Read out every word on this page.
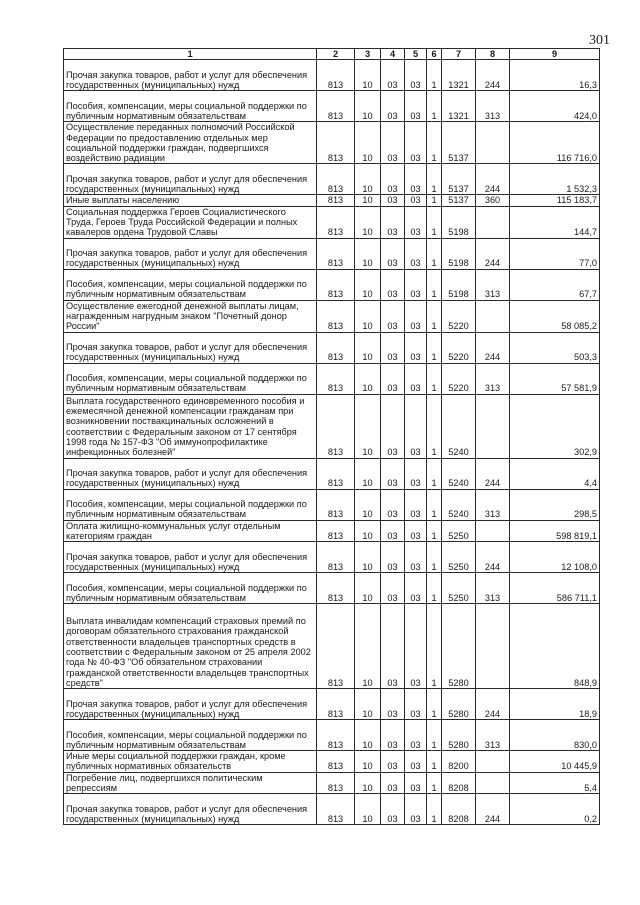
301
1	2	3	4	5	6	7	8	9
Прочая закупка товаров, работ и услуг для обеспечения государственных (муниципальных) нужд	813	10	03	03	1	1321	244	16,3
Пособия, компенсации, меры социальной поддержки по публичным нормативным обязательствам	813	10	03	03	1	1321	313	424,0
Осуществление переданных полномочий Российской Федерации по предоставлению отдельных мер социальной поддержки граждан, подвергшихся воздействию радиации	813	10	03	03	1	5137		116 716,0
Прочая закупка товаров, работ и услуг для обеспечения государственных (муниципальных) нужд	813	10	03	03	1	5137	244	1 532,3
Иные выплаты населению	813	10	03	03	1	5137	360	115 183,7
Социальная поддержка Героев Социалистического Труда, Героев Труда Российской Федерации и полных кавалеров ордена Трудовой Славы	813	10	03	03	1	5198		144,7
Прочая закупка товаров, работ и услуг для обеспечения государственных (муниципальных) нужд	813	10	03	03	1	5198	244	77,0
Пособия, компенсации, меры социальной поддержки по публичным нормативным обязательствам	813	10	03	03	1	5198	313	67,7
Осуществление ежегодной денежной выплаты лицам, награжденным нагрудным знаком "Почетный донор России"	813	10	03	03	1	5220		58 085,2
Прочая закупка товаров, работ и услуг для обеспечения государственных (муниципальных) нужд	813	10	03	03	1	5220	244	503,3
Пособия, компенсации, меры социальной поддержки по публичным нормативным обязательствам	813	10	03	03	1	5220	313	57 581,9
Выплата государственного единовременного пособия и ежемесячной денежной компенсации гражданам при возникновении поствакцинальных осложнений в соответствии с Федеральным законом от 17 сентября 1998 года № 157-ФЗ "Об иммунопрофилактике инфекционных болезней"	813	10	03	03	1	5240		302,9
Прочая закупка товаров, работ и услуг для обеспечения государственных (муниципальных) нужд	813	10	03	03	1	5240	244	4,4
Пособия, компенсации, меры социальной поддержки по публичным нормативным обязательствам	813	10	03	03	1	5240	313	298,5
Оплата жилищно-коммунальных услуг отдельным категориям граждан	813	10	03	03	1	5250		598 819,1
Прочая закупка товаров, работ и услуг для обеспечения государственных (муниципальных) нужд	813	10	03	03	1	5250	244	12 108,0
Пособия, компенсации, меры социальной поддержки по публичным нормативным обязательствам	813	10	03	03	1	5250	313	586 711,1
Выплата инвалидам компенсаций страховых премий по договорам обязательного страхования гражданской ответственности владельцев транспортных средств в соответствии с Федеральным законом от 25 апреля 2002 года № 40-ФЗ "Об обязательном страховании гражданской ответственности владельцев транспортных средств"	813	10	03	03	1	5280		848,9
Прочая закупка товаров, работ и услуг для обеспечения государственных (муниципальных) нужд	813	10	03	03	1	5280	244	18,9
Пособия, компенсации, меры социальной поддержки по публичным нормативным обязательствам	813	10	03	03	1	5280	313	830,0
Иные меры социальной поддержки граждан, кроме публичных нормативных обязательств	813	10	03	03	1	8200		10 445,9
Погребение лиц, подвергшихся политическим репрессиям	813	10	03	03	1	8208		5,4
Прочая закупка товаров, работ и услуг для обеспечения государственных (муниципальных) нужд	813	10	03	03	1	8208	244	0,2
